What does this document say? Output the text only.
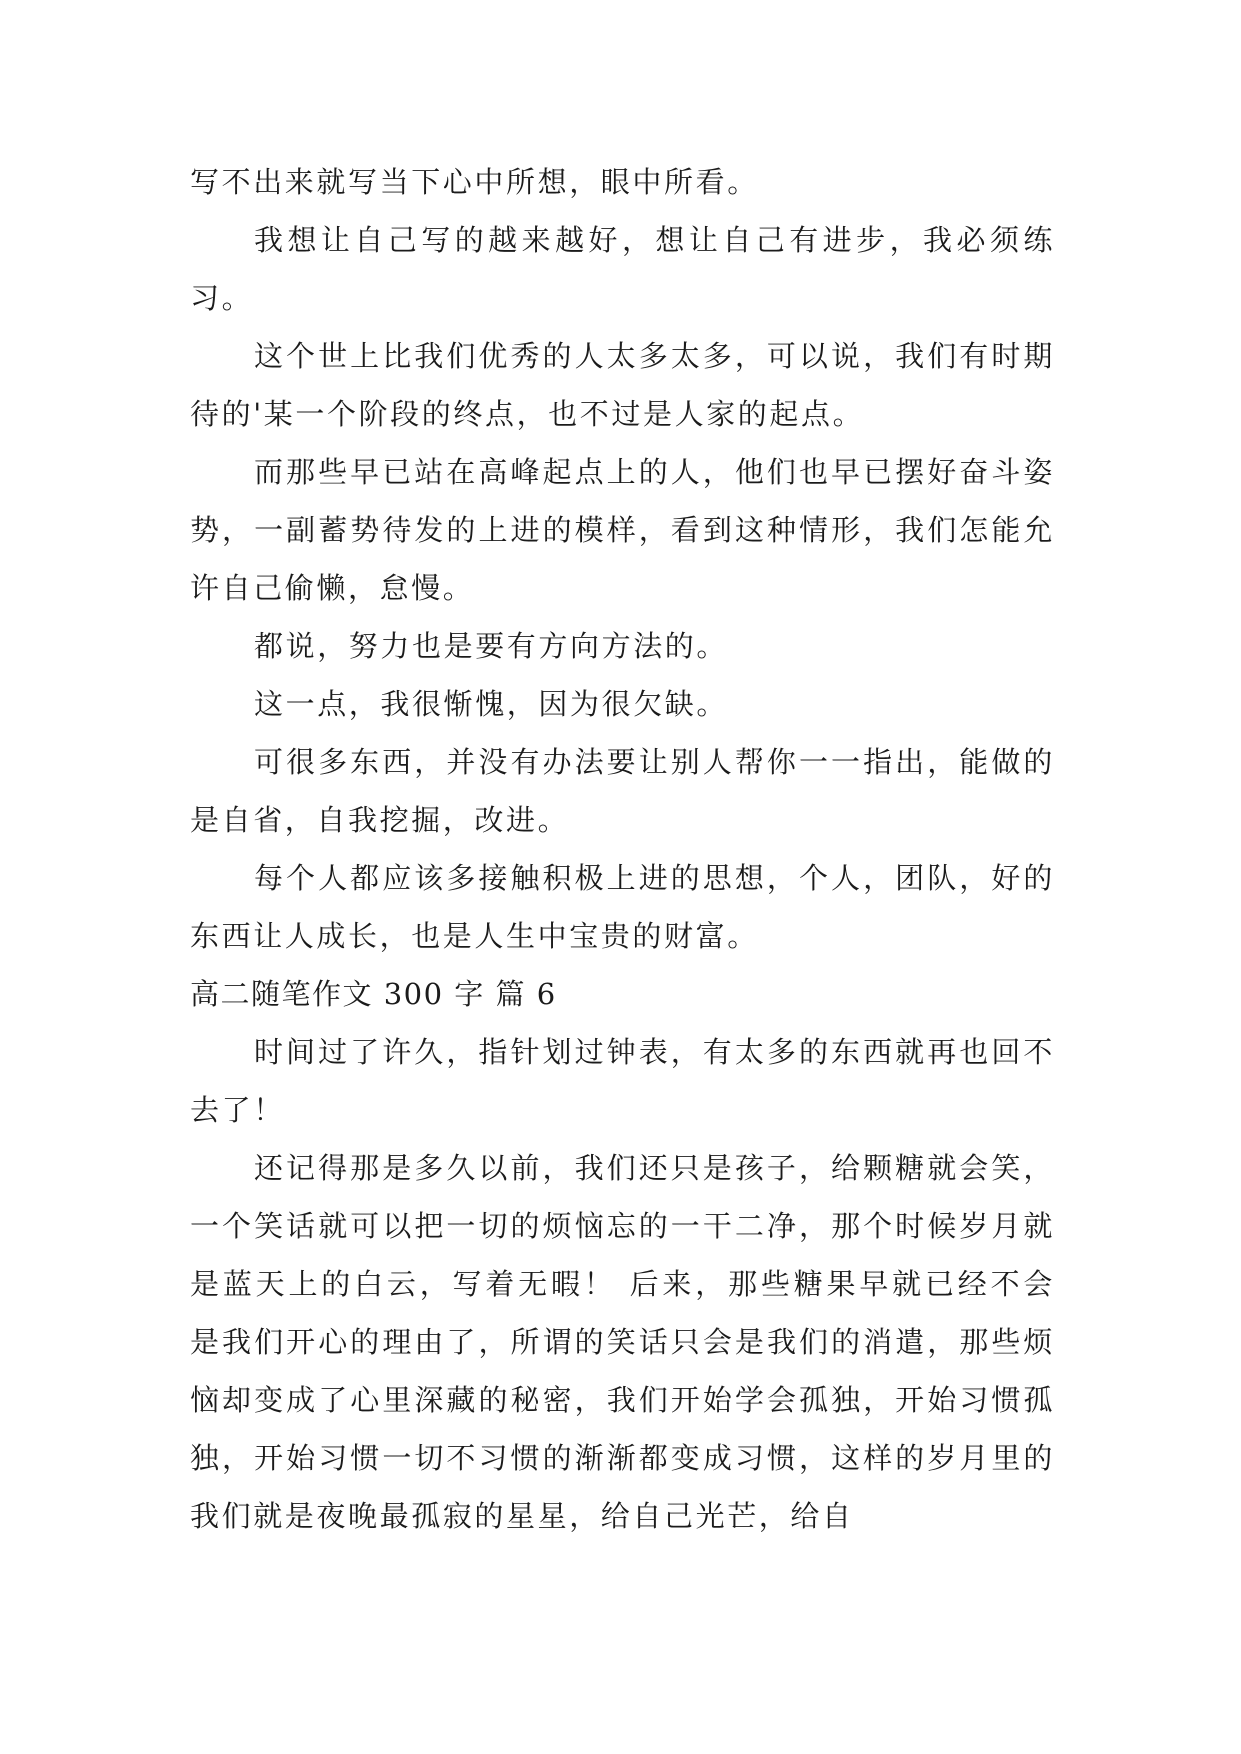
写不出来就写当下心中所想，眼中所看。

我想让自己写的越来越好，想让自己有进步，我必须练习。

这个世上比我们优秀的人太多太多，可以说，我们有时期待的'某一个阶段的终点，也不过是人家的起点。

而那些早已站在高峰起点上的人，他们也早已摆好奋斗姿势，一副蓄势待发的上进的模样，看到这种情形，我们怎能允许自己偷懒，怠慢。

都说，努力也是要有方向方法的。

这一点，我很惭愧，因为很欠缺。

可很多东西，并没有办法要让别人帮你一一指出，能做的是自省，自我挖掘，改进。

每个人都应该多接触积极上进的思想，个人，团队，好的东西让人成长，也是人生中宝贵的财富。

高二随笔作文 300 字 篇 6

时间过了许久，指针划过钟表，有太多的东西就再也回不去了！

还记得那是多久以前，我们还只是孩子，给颗糖就会笑，一个笑话就可以把一切的烦恼忘的一干二净，那个时候岁月就是蓝天上的白云，写着无暇！ 后来，那些糖果早就已经不会是我们开心的理由了，所谓的笑话只会是我们的消遣，那些烦恼却变成了心里深藏的秘密，我们开始学会孤独，开始习惯孤独，开始习惯一切不习惯的渐渐都变成习惯，这样的岁月里的我们就是夜晚最孤寂的星星，给自己光芒，给自
